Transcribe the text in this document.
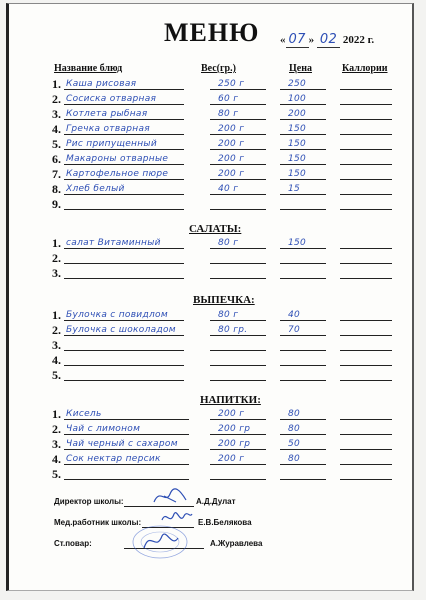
МЕНЮ « 07 » 02 2022 г.
Название блюд	Вес(гр.)	Цена	Каллории
1. Каша рисовая	250 г	250
2. Сосиска отварная	60 г	100
3. Котлета рыбная	80 г	200
4. Гречка отварная	200 г	150
5. Рис припущенный	200 г	150
6. Макароны отварные	200 г	150
7. Картофельное пюре	200 г	150
8. Хлеб белый	40 г	15
9.
САЛАТЫ:
1. салат Витаминный	80 г	150
2.
3.
ВЫПЕЧКА:
1. Булочка с повидлом	80 г	40
2. Булочка с шоколадом	80 гр.	70
3.
4.
5.
НАПИТКИ:
1. Кисель	200 г	80
2. Чай с лимоном	200 гр	80
3. Чай черный с сахаром	200 гр	50
4. Сок нектар персик	200 г	80
5.
Директор школы:	А.Д.Дулат
Мед.работник школы:	Е.В.Белякова
Ст.повар:	А.Журавлева
